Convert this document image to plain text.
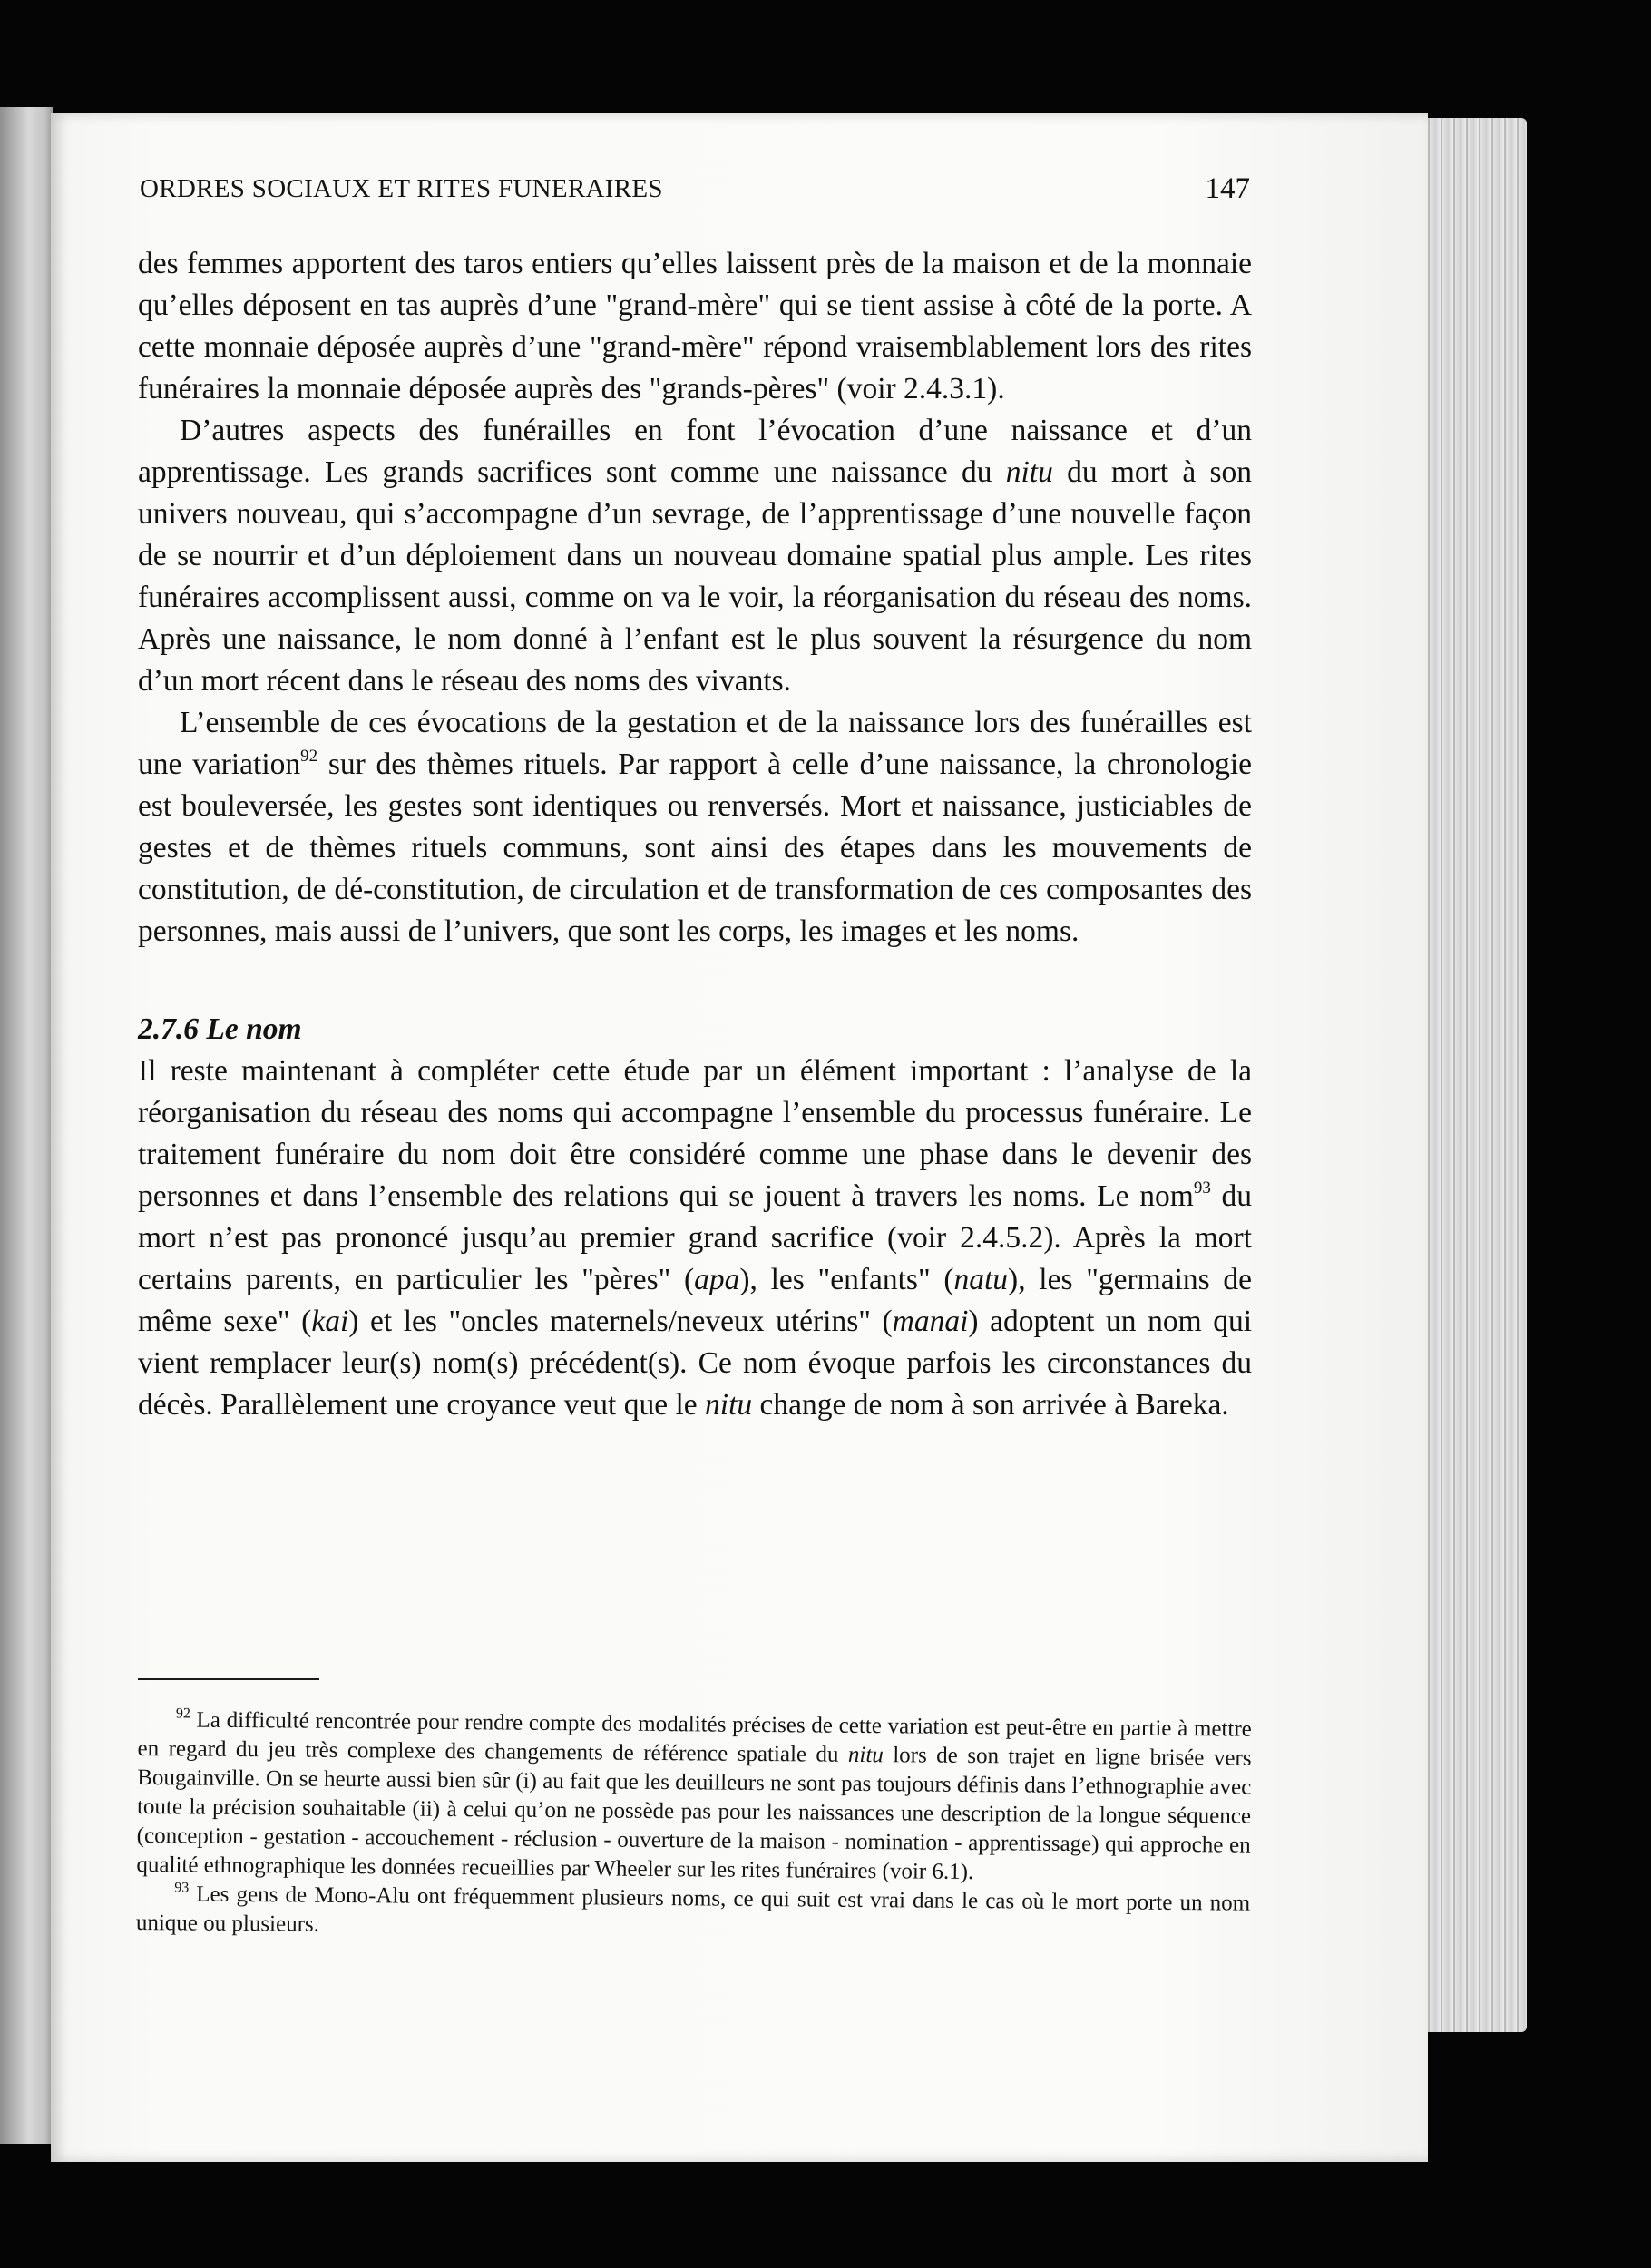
ORDRES SOCIAUX ET RITES FUNERAIRES	147

des femmes apportent des taros entiers qu’elles laissent près de la maison et de la monnaie qu’elles déposent en tas auprès d’une "grand-mère" qui se tient assise à côté de la porte. A cette monnaie déposée auprès d’une "grand-mère" répond vraisemblablement lors des rites funéraires la monnaie déposée auprès des "grands-pères" (voir 2.4.3.1).

D’autres aspects des funérailles en font l’évocation d’une naissance et d’un apprentissage. Les grands sacrifices sont comme une naissance du nitu du mort à son univers nouveau, qui s’accompagne d’un sevrage, de l’apprentissage d’une nouvelle façon de se nourrir et d’un déploiement dans un nouveau domaine spatial plus ample. Les rites funéraires accomplissent aussi, comme on va le voir, la réorganisation du réseau des noms. Après une naissance, le nom donné à l’enfant est le plus souvent la résurgence du nom d’un mort récent dans le réseau des noms des vivants.

L’ensemble de ces évocations de la gestation et de la naissance lors des funérailles est une variation$^{92}$ sur des thèmes rituels. Par rapport à celle d’une naissance, la chronologie est bouleversée, les gestes sont identiques ou renversés. Mort et naissance, justiciables de gestes et de thèmes rituels communs, sont ainsi des étapes dans les mouvements de constitution, de dé-constitution, de circulation et de transformation de ces composantes des personnes, mais aussi de l’univers, que sont les corps, les images et les noms.

2.7.6 Le nom

Il reste maintenant à compléter cette étude par un élément important : l’analyse de la réorganisation du réseau des noms qui accompagne l’ensemble du processus funéraire. Le traitement funéraire du nom doit être considéré comme une phase dans le devenir des personnes et dans l’ensemble des relations qui se jouent à travers les noms. Le nom$^{93}$ du mort n’est pas prononcé jusqu’au premier grand sacrifice (voir 2.4.5.2). Après la mort certains parents, en particulier les "pères" (apa), les "enfants" (natu), les "germains de même sexe" (kai) et les "oncles maternels/neveux utérins" (manai) adoptent un nom qui vient remplacer leur(s) nom(s) précédent(s). Ce nom évoque parfois les circonstances du décès. Parallèlement une croyance veut que le nitu change de nom à son arrivée à Bareka.

$^{92}$ La difficulté rencontrée pour rendre compte des modalités précises de cette variation est peut-être en partie à mettre en regard du jeu très complexe des changements de référence spatiale du nitu lors de son trajet en ligne brisée vers Bougainville. On se heurte aussi bien sûr (i) au fait que les deuilleurs ne sont pas toujours définis dans l’ethnographie avec toute la précision souhaitable (ii) à celui qu’on ne possède pas pour les naissances une description de la longue séquence (conception - gestation - accouchement - réclusion - ouverture de la maison - nomination - apprentissage) qui approche en qualité ethnographique les données recueillies par Wheeler sur les rites funéraires (voir 6.1).

$^{93}$ Les gens de Mono-Alu ont fréquemment plusieurs noms, ce qui suit est vrai dans le cas où le mort porte un nom unique ou plusieurs.
